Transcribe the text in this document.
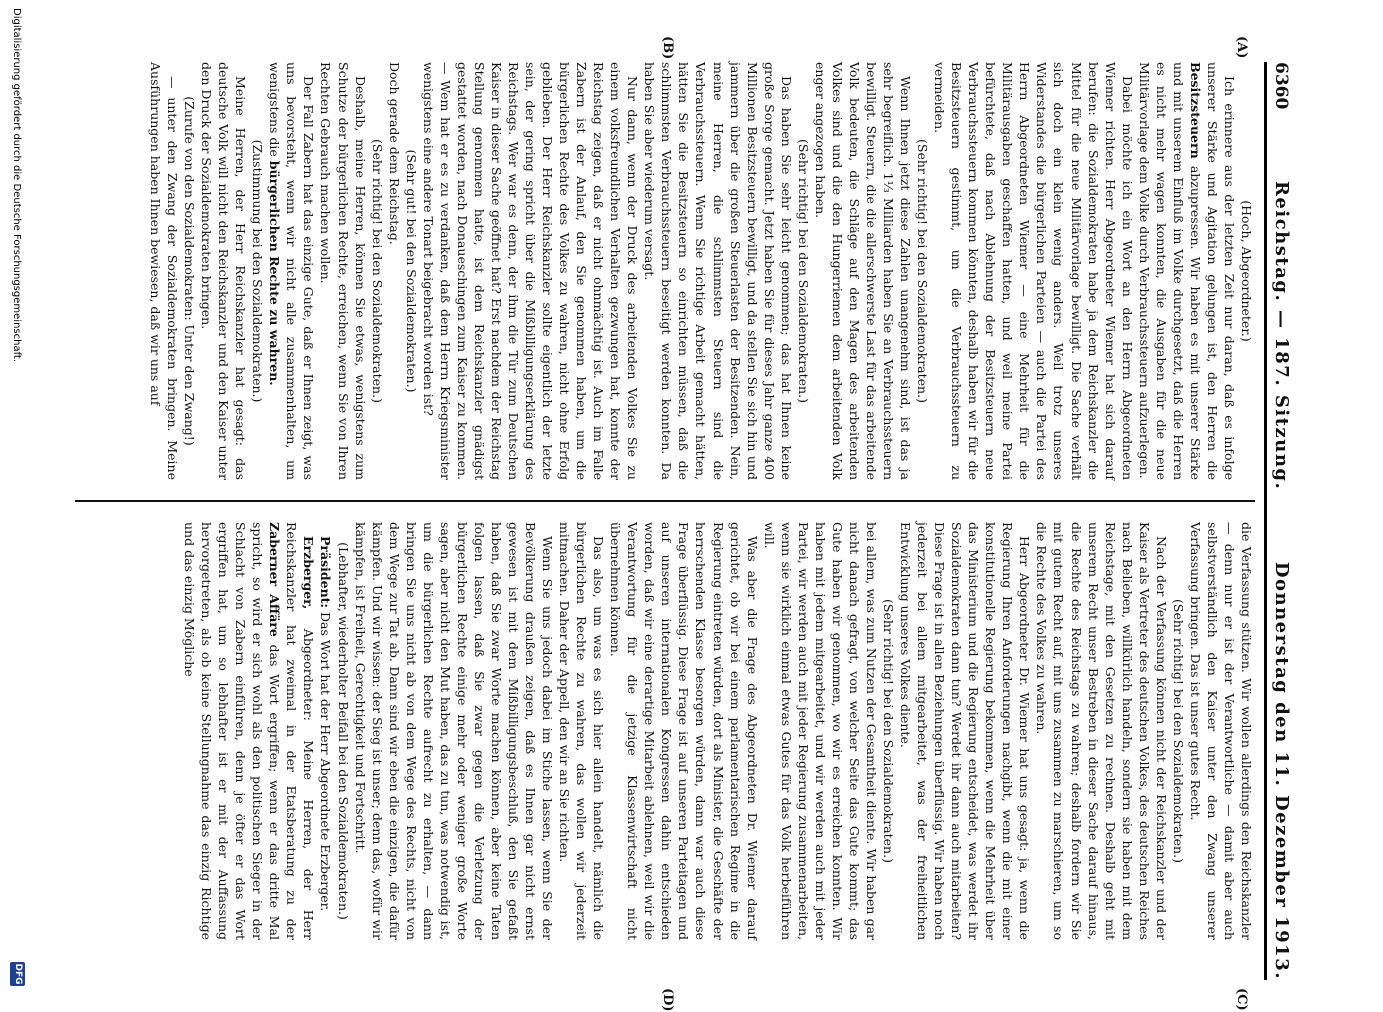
6360
Reichstag. — 187. Sitzung.
Donnerstag den 11. Dezember 1913.
(A)
(B)
(C)
(D)

(Hoch, Abgeordneter.)

Ich erinnere aus der letzten Zeit nur daran, daß es infolge unserer Stärke und Agitation gelungen ist, den Herren die Besitzsteuern abzupressen. Wir haben es mit unserer Stärke und mit unserem Einfluß im Volke durchgesetzt, daß die Herren es nicht mehr wagen konnten, die Ausgaben für die neue Militärvorlage dem Volke durch Verbrauchssteuern aufzuerlegen.

Dabei möchte ich ein Wort an den Herrn Abgeordneten Wiemer richten. Herr Abgeordneter Wiemer hat sich darauf berufen: die Sozialdemokraten habe ja dem Reichskanzler die Mittel für die neue Militärvorlage bewilligt. Die Sache verhält sich doch ein klein wenig anders. Weil trotz unseres Widerstandes die bürgerlichen Parteien — auch die Partei des Herrn Abgeordneten Wiemer — eine Mehrheit für die Militärausgaben geschaffen hatten, und weil meine Partei befürchtete, daß nach Ablehnung der Besitzsteuern neue Verbrauchssteuern kommen könnten, deshalb haben wir für die Besitzsteuern gestimmt, um die Verbrauchssteuern zu vermeiden.

(Sehr richtig! bei den Sozialdemokraten.)

Wenn Ihnen jetzt diese Zahlen unangenehm sind, ist das ja sehr begreiflich. 1⅓ Milliarden haben Sie an Verbrauchssteuern bewilligt. Steuern, die die allerschwerste Last für das arbeitende Volk bedeuten, die Schläge auf den Magen des arbeitenden Volkes sind und die den Hungerriemen dem arbeitenden Volk enger angezogen haben.

(Sehr richtig! bei den Sozialdemokraten.)

Das haben Sie sehr leicht genommen; das hat Ihnen keine große Sorge gemacht. Jetzt haben Sie für dieses Jahr ganze 400 Millionen Besitzsteuern bewilligt, und da stellen Sie sich hin und jammern über die großen Steuerlasten der Besitzenden. Nein, meine Herren, die schlimmsten Steuern sind die Verbrauchssteuern. Wenn Sie richtige Arbeit gemacht hätten, hätten Sie die Besitzsteuern so einrichten müssen, daß die schlimmsten Verbrauchssteuern beseitigt werden konnten. Da haben Sie aber wiederum versagt.

Nur dann, wenn der Druck des arbeitenden Volkes Sie zu einem volksfreundlichen Verhalten gezwungen hat, konnte der Reichstag zeigen, daß er nicht ohnmächtig ist. Auch im Falle Zabern ist der Anlauf, den Sie genommen haben, um die bürgerlichen Rechte des Volkes zu wahren, nicht ohne Erfolg geblieben. Der Herr Reichskanzler sollte eigentlich der letzte sein, der gering spricht über die Mißbilligungserklärung des Reichstags. Wer war es denn, der ihm die Tür zum Deutschen Kaiser in dieser Sache geöffnet hat? Erst nachdem der Reichstag Stellung genommen hatte, ist dem Reichskanzler gnädigst gestattet worden, nach Donaueschingen zum Kaiser zu kommen. — Wem hat er es zu verdanken, daß dem Herrn Kriegsminister wenigstens eine andere Tonart beigebracht worden ist?

(Sehr gut! bei den Sozialdemokraten.)

Doch gerade dem Reichstag.

(Sehr richtig! bei den Sozialdemokraten.)

Deshalb, meine Herren, können Sie etwas, wenigstens zum Schutze der bürgerlichen Rechte, erreichen, wenn Sie von Ihren Rechten Gebrauch machen wollen.

Der Fall Zabern hat das einzige Gute, daß er Ihnen zeigt, was uns bevorsteht, wenn wir nicht alle zusammenhalten, um wenigstens die bürgerlichen Rechte zu wahren.

(Zustimmung bei den Sozialdemokraten.)

Meine Herren, der Herr Reichskanzler hat gesagt: das deutsche Volk will nicht den Reichskanzler und den Kaiser unter den Druck der Sozialdemokraten bringen.

(Zurufe von den Sozialdemokraten: Unter den Zwang!)

— unter den Zwang der Sozialdemokraten bringen. Meine Ausführungen haben Ihnen bewiesen, daß wir uns auf

die Verfassung stützen. Wir wollen allerdings den Reichskanzler — denn nur er ist der Verantwortliche — damit aber auch selbstverständlich den Kaiser unter den Zwang unserer Verfassung bringen. Das ist unser gutes Recht.

(Sehr richtig! bei den Sozialdemokraten.)

Nach der Verfassung können nicht der Reichskanzler und der Kaiser als Vertreter des deutschen Volkes, des deutschen Reiches nach Belieben, willkürlich handeln, sondern sie haben mit dem Reichstage, mit den Gesetzen zu rechnen. Deshalb geht mit unserem Recht unser Bestreben in dieser Sache darauf hinaus, die Rechte des Reichstags zu wahren; deshalb fordern wir Sie mit gutem Recht auf, mit uns zusammen zu marschieren, um so die Rechte des Volkes zu wahren.

Herr Abgeordneter Dr. Wiemer hat uns gesagt: ja, wenn die Regierung Ihren Anforderungen nachgibt, wenn die mit einer konstitutionelle Regierung bekommen, wenn die Mehrheit über das Ministerium und die Regierung entscheidet, was werdet ihr Sozialdemokraten dann tun? Werdet ihr dann auch mitarbeiten? Diese Frage ist in allen Beziehungen überflüssig. Wir haben noch jederzeit bei allem mitgearbeitet, was der freiheitlichen Entwicklung unseres Volkes diente.

(Sehr richtig! bei den Sozialdemokraten.)

bei allem, was zum Nutzen der Gesamtheit diente. Wir haben gar nicht danach gefragt, von welcher Seite das Gute kommt; das Gute haben wir genommen, wo wir es erreichen konnten. Wir haben mit jedem mitgearbeitet, und wir werden auch mit jeder Partei, wir werden auch mit jeder Regierung zusammenarbeiten, wenn sie wirklich einmal etwas Gutes für das Volk herbeiführen will.

Was aber die Frage des Abgeordneten Dr. Wiemer darauf gerichtet, ob wir bei einem parlamentarischen Regime in die Regierung eintreten würden, dort als Minister, die Geschäfte der herrschenden Klasse besorgen würden, dann war auch diese Frage überflüssig. Diese Frage ist auf unseren Parteitagen und auf unseren internationalen Kongressen dahin entschieden worden, daß wir eine derartige Mitarbeit ablehnen, weil wir die Verantwortung für die jetzige Klassenwirtschaft nicht übernehmen können.

Das also, um was es sich hier allein handelt, nämlich die bürgerlichen Rechte zu wahren, das wollen wir jederzeit mitmachen. Daher der Appell, den wir an Sie richten.

Wenn Sie uns jedoch dabei im Stiche lassen, wenn Sie der Bevölkerung draußen zeigen, daß es Ihnen gar nicht ernst gewesen ist mit dem Mißbilligungsbeschluß, den Sie gefaßt haben, daß Sie zwar Worte machen können, aber keine Taten folgen lassen, daß Sie zwar gegen die Verletzung der bürgerlichen Rechte einige mehr oder weniger große Worte sagen, aber nicht den Mut haben, das zu tun, was notwendig ist, um die bürgerlichen Rechte aufrecht zu erhalten, — dann bringen Sie uns nicht ab von dem Wege des Rechts, nicht von dem Wege zur Tat ab. Dann sind wir eben die einzigen, die dafür kämpfen. Und wir wissen: der Sieg ist unser; denn das, wofür wir kämpfen, ist Freiheit, Gerechtigkeit und Fortschritt.

(Lebhafter, wiederholter Beifall bei den Sozialdemokraten.)

Präsident: Das Wort hat der Herr Abgeordnete Erzberger.

Erzberger, Abgeordneter: Meine Herren, der Herr Reichskanzler hat zweimal in der Etatsberatung zu der Zaberner Affäre das Wort ergriffen; wenn er das dritte Mal spricht, so wird er sich wohl als den politischen Sieger in der Schlacht von Zabern einführen, denn je öfter er das Wort ergriffen hat, um so lebhafter ist er mit der Auffassung hervorgetreten, als ob keine Stellungnahme das einzig Richtige und das einzig Mögliche

Digitalisierung gefördert durch die Deutsche Forschungsgemeinschaft.
DFG
